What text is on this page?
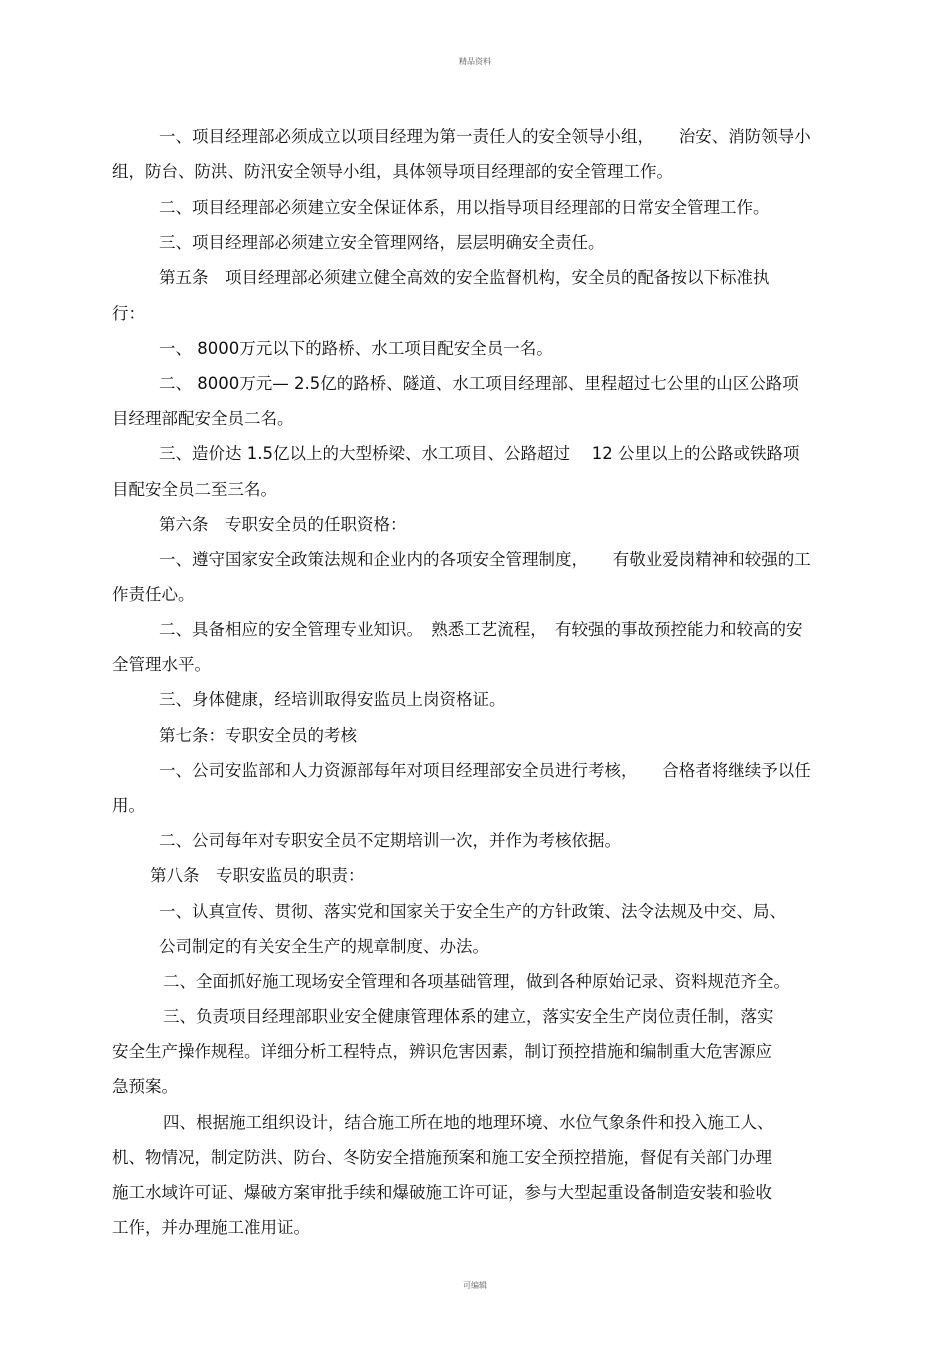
精品资料
一、项目经理部必须成立以项目经理为第一责任人的安全领导小组，　　治安、消防领导小
组，防台、防洪、防汛安全领导小组，具体领导项目经理部的安全管理工作。
二、项目经理部必须建立安全保证体系，用以指导项目经理部的日常安全管理工作。
三、项目经理部必须建立安全管理网络，层层明确安全责任。
第五条　项目经理部必须建立健全高效的安全监督机构，安全员的配备按以下标准执
行：
一、 8000万元以下的路桥、水工项目配安全员一名。
二、 8000万元— 2.5亿的路桥、隧道、水工项目经理部、里程超过七公里的山区公路项
目经理部配安全员二名。
三、造价达 1.5亿以上的大型桥梁、水工项目、公路超过　 12 公里以上的公路或铁路项
目配安全员二至三名。
第六条　专职安全员的任职资格：
一、遵守国家安全政策法规和企业内的各项安全管理制度，　　有敬业爱岗精神和较强的工
作责任心。
二、具备相应的安全管理专业知识。　熟悉工艺流程，　有较强的事故预控能力和较高的安
全管理水平。
三、身体健康，经培训取得安监员上岗资格证。
第七条：专职安全员的考核
一、公司安监部和人力资源部每年对项目经理部安全员进行考核，　　合格者将继续予以任
用。
二、公司每年对专职安全员不定期培训一次，并作为考核依据。
第八条　专职安监员的职责：
一、认真宣传、贯彻、落实党和国家关于安全生产的方针政策、法令法规及中交、局、
公司制定的有关安全生产的规章制度、办法。
二、全面抓好施工现场安全管理和各项基础管理，做到各种原始记录、资料规范齐全。
三、负责项目经理部职业安全健康管理体系的建立，落实安全生产岗位责任制，落实
安全生产操作规程。详细分析工程特点，辨识危害因素，制订预控措施和编制重大危害源应
急预案。
四、根据施工组织设计，结合施工所在地的地理环境、水位气象条件和投入施工人、
机、物情况，制定防洪、防台、冬防安全措施预案和施工安全预控措施，督促有关部门办理
施工水域许可证、爆破方案审批手续和爆破施工许可证，参与大型起重设备制造安装和验收
工作，并办理施工准用证。
可编辑
